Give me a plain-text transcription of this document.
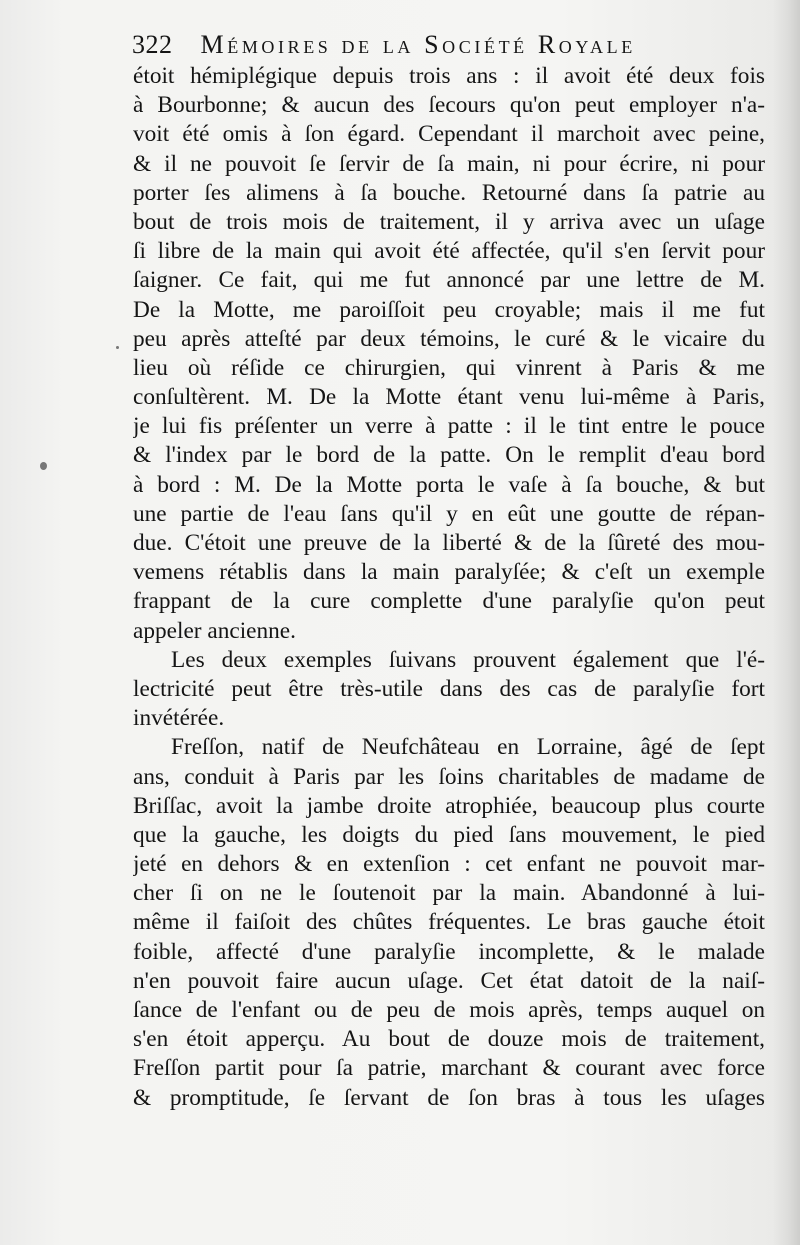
322 Mémoires de la Société Royale
étoit hémiplégique depuis trois ans : il avoit été deux fois
à Bourbonne; & aucun des ſecours qu'on peut employer n'a-
voit été omis à ſon égard. Cependant il marchoit avec peine,
& il ne pouvoit ſe ſervir de ſa main, ni pour écrire, ni pour
porter ſes alimens à ſa bouche. Retourné dans ſa patrie au
bout de trois mois de traitement, il y arriva avec un uſage
ſi libre de la main qui avoit été affectée, qu'il s'en ſervit pour
ſaigner. Ce fait, qui me fut annoncé par une lettre de M.
De la Motte, me paroiſſoit peu croyable; mais il me fut
peu après atteſté par deux témoins, le curé & le vicaire du
lieu où réſide ce chirurgien, qui vinrent à Paris & me
conſultèrent. M. De la Motte étant venu lui-même à Paris,
je lui fis préſenter un verre à patte : il le tint entre le pouce
& l'index par le bord de la patte. On le remplit d'eau bord
à bord : M. De la Motte porta le vaſe à ſa bouche, & but
une partie de l'eau ſans qu'il y en eût une goutte de répan-
due. C'étoit une preuve de la liberté & de la ſûreté des mou-
vemens rétablis dans la main paralyſée; & c'eſt un exemple
frappant de la cure complette d'une paralyſie qu'on peut
appeler ancienne.
Les deux exemples ſuivans prouvent également que l'é-
lectricité peut être très-utile dans des cas de paralyſie fort
invétérée.
Freſſon, natif de Neufchâteau en Lorraine, âgé de ſept
ans, conduit à Paris par les ſoins charitables de madame de
Briſſac, avoit la jambe droite atrophiée, beaucoup plus courte
que la gauche, les doigts du pied ſans mouvement, le pied
jeté en dehors & en extenſion : cet enfant ne pouvoit mar-
cher ſi on ne le ſoutenoit par la main. Abandonné à lui-
même il faiſoit des chûtes fréquentes. Le bras gauche étoit
foible, affecté d'une paralyſie incomplette, & le malade
n'en pouvoit faire aucun uſage. Cet état datoit de la naiſ-
ſance de l'enfant ou de peu de mois après, temps auquel on
s'en étoit apperçu. Au bout de douze mois de traitement,
Freſſon partit pour ſa patrie, marchant & courant avec force
& promptitude, ſe ſervant de ſon bras à tous les uſages
